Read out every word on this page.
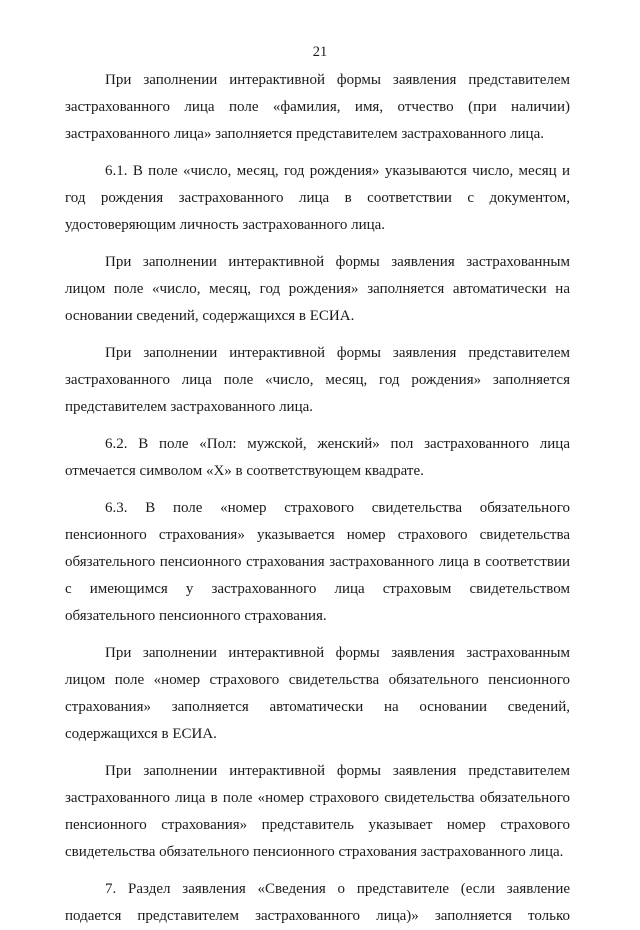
21

При заполнении интерактивной формы заявления представителем застрахованного лица поле «фамилия, имя, отчество (при наличии) застрахованного лица» заполняется представителем застрахованного лица.

6.1. В поле «число, месяц, год рождения» указываются число, месяц и год рождения застрахованного лица в соответствии с документом, удостоверяющим личность застрахованного лица.

При заполнении интерактивной формы заявления застрахованным лицом поле «число, месяц, год рождения» заполняется автоматически на основании сведений, содержащихся в ЕСИА.

При заполнении интерактивной формы заявления представителем застрахованного лица поле «число, месяц, год рождения» заполняется представителем застрахованного лица.

6.2. В поле «Пол: мужской, женский» пол застрахованного лица отмечается символом «Х» в соответствующем квадрате.

6.3. В поле «номер страхового свидетельства обязательного пенсионного страхования» указывается номер страхового свидетельства обязательного пенсионного страхования застрахованного лица в соответствии с имеющимся у застрахованного лица страховым свидетельством обязательного пенсионного страхования.

При заполнении интерактивной формы заявления застрахованным лицом поле «номер страхового свидетельства обязательного пенсионного страхования» заполняется автоматически на основании сведений, содержащихся в ЕСИА.

При заполнении интерактивной формы заявления представителем застрахованного лица в поле «номер страхового свидетельства обязательного пенсионного страхования» представитель указывает номер страхового свидетельства обязательного пенсионного страхования застрахованного лица.

7. Раздел заявления «Сведения о представителе (если заявление подается представителем застрахованного лица)» заполняется только
